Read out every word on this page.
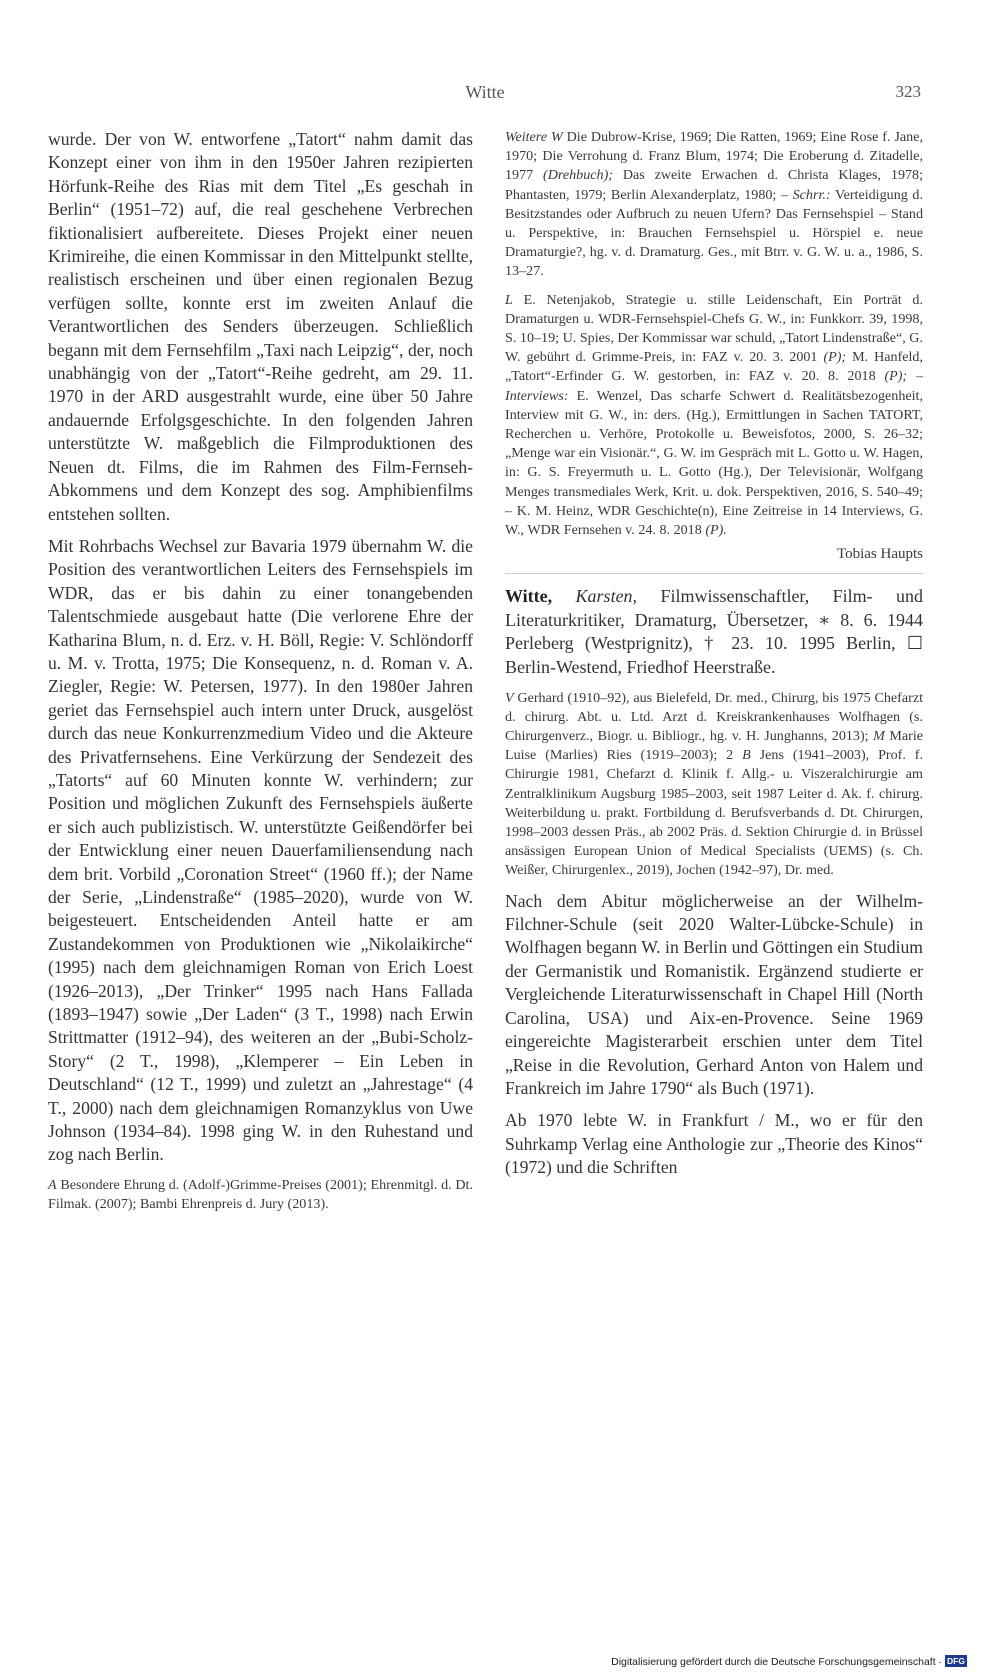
Witte	323

wurde. Der von W. entworfene „Tatort“ nahm damit das Konzept einer von ihm in den 1950er Jahren rezipierten Hörfunk-Reihe des Rias mit dem Titel „Es geschah in Berlin“ (1951–72) auf, die real geschehene Verbrechen fiktionalisiert aufbereitete. Dieses Projekt einer neuen Krimireihe, die einen Kommissar in den Mittelpunkt stellte, realistisch erscheinen und über einen regionalen Bezug verfügen sollte, konnte erst im zweiten Anlauf die Verantwortlichen des Senders überzeugen. Schließlich begann mit dem Fernsehfilm „Taxi nach Leipzig“, der, noch unabhängig von der „Tatort“-Reihe gedreht, am 29. 11. 1970 in der ARD ausgestrahlt wurde, eine über 50 Jahre andauernde Erfolgsgeschichte. In den folgenden Jahren unterstützte W. maßgeblich die Filmproduktionen des Neuen dt. Films, die im Rahmen des Film-Fernseh-Abkommens und dem Konzept des sog. Amphibienfilms entstehen sollten.

Mit Rohrbachs Wechsel zur Bavaria 1979 übernahm W. die Position des verantwortlichen Leiters des Fernsehspiels im WDR, das er bis dahin zu einer tonangebenden Talentschmiede ausgebaut hatte (Die verlorene Ehre der Katharina Blum, n. d. Erz. v. H. Böll, Regie: V. Schlöndorff u. M. v. Trotta, 1975; Die Konsequenz, n. d. Roman v. A. Ziegler, Regie: W. Petersen, 1977). In den 1980er Jahren geriet das Fernsehspiel auch intern unter Druck, ausgelöst durch das neue Konkurrenzmedium Video und die Akteure des Privatfernsehens. Eine Verkürzung der Sendezeit des „Tatorts“ auf 60 Minuten konnte W. verhindern; zur Position und möglichen Zukunft des Fernsehspiels äußerte er sich auch publizistisch. W. unterstützte Geißendörfer bei der Entwicklung einer neuen Dauerfamiliensendung nach dem brit. Vorbild „Coronation Street“ (1960 ff.); der Name der Serie, „Lindenstraße“ (1985–2020), wurde von W. beigesteuert. Entscheidenden Anteil hatte er am Zustandekommen von Produktionen wie „Nikolaikirche“ (1995) nach dem gleichnamigen Roman von Erich Loest (1926–2013), „Der Trinker“ 1995 nach Hans Fallada (1893–1947) sowie „Der Laden“ (3 T., 1998) nach Erwin Strittmatter (1912–94), des weiteren an der „Bubi-Scholz-Story“ (2 T., 1998), „Klemperer – Ein Leben in Deutschland“ (12 T., 1999) und zuletzt an „Jahrestage“ (4 T., 2000) nach dem gleichnamigen Romanzyklus von Uwe Johnson (1934–84). 1998 ging W. in den Ruhestand und zog nach Berlin.

A Besondere Ehrung d. (Adolf-)Grimme-Preises (2001); Ehrenmitgl. d. Dt. Filmak. (2007); Bambi Ehrenpreis d. Jury (2013).

Weitere W Die Dubrow-Krise, 1969; Die Ratten, 1969; Eine Rose f. Jane, 1970; Die Verrohung d. Franz Blum, 1974; Die Eroberung d. Zitadelle, 1977 (Drehbuch); Das zweite Erwachen d. Christa Klages, 1978; Phantasten, 1979; Berlin Alexanderplatz, 1980; – Schrr.: Verteidigung d. Besitzstandes oder Aufbruch zu neuen Ufern? Das Fernsehspiel – Stand u. Perspektive, in: Brauchen Fernsehspiel u. Hörspiel e. neue Dramaturgie?, hg. v. d. Dramaturg. Ges., mit Btrr. v. G. W. u. a., 1986, S. 13–27.

L E. Netenjakob, Strategie u. stille Leidenschaft, Ein Porträt d. Dramaturgen u. WDR-Fernsehspiel-Chefs G. W., in: Funkkorr. 39, 1998, S. 10–19; U. Spies, Der Kommissar war schuld, „Tatort Lindenstraße“, G. W. gebührt d. Grimme-Preis, in: FAZ v. 20. 3. 2001 (P); M. Hanfeld, „Tatort“-Erfinder G. W. gestorben, in: FAZ v. 20. 8. 2018 (P); – Interviews: E. Wenzel, Das scharfe Schwert d. Realitätsbezogenheit, Interview mit G. W., in: ders. (Hg.), Ermittlungen in Sachen TATORT, Recherchen u. Verhöre, Protokolle u. Beweisfotos, 2000, S. 26–32; „Menge war ein Visionär.“, G. W. im Gespräch mit L. Gotto u. W. Hagen, in: G. S. Freyermuth u. L. Gotto (Hg.), Der Televisionär, Wolfgang Menges transmediales Werk, Krit. u. dok. Perspektiven, 2016, S. 540–49; – K. M. Heinz, WDR Geschichte(n), Eine Zeitreise in 14 Interviews, G. W., WDR Fernsehen v. 24. 8. 2018 (P).

Tobias Haupts

Witte, Karsten, Filmwissenschaftler, Film- und Literaturkritiker, Dramaturg, Übersetzer, ∗ 8. 6. 1944 Perleberg (Westprignitz), † 23. 10. 1995 Berlin, ☐ Berlin-Westend, Friedhof Heerstraße.

V Gerhard (1910–92), aus Bielefeld, Dr. med., Chirurg, bis 1975 Chefarzt d. chirurg. Abt. u. Ltd. Arzt d. Kreiskrankenhauses Wolfhagen (s. Chirurgenverz., Biogr. u. Bibliogr., hg. v. H. Junghanns, 2013); M Marie Luise (Marlies) Ries (1919–2003); 2 B Jens (1941–2003), Prof. f. Chirurgie 1981, Chefarzt d. Klinik f. Allg.- u. Viszeralchirurgie am Zentralklinikum Augsburg 1985–2003, seit 1987 Leiter d. Ak. f. chirurg. Weiterbildung u. prakt. Fortbildung d. Berufsverbands d. Dt. Chirurgen, 1998–2003 dessen Präs., ab 2002 Präs. d. Sektion Chirurgie d. in Brüssel ansässigen European Union of Medical Specialists (UEMS) (s. Ch. Weißer, Chirurgenlex., 2019), Jochen (1942–97), Dr. med.

Nach dem Abitur möglicherweise an der Wilhelm-Filchner-Schule (seit 2020 Walter-Lübcke-Schule) in Wolfhagen begann W. in Berlin und Göttingen ein Studium der Germanistik und Romanistik. Ergänzend studierte er Vergleichende Literaturwissenschaft in Chapel Hill (North Carolina, USA) und Aix-en-Provence. Seine 1969 eingereichte Magisterarbeit erschien unter dem Titel „Reise in die Revolution, Gerhard Anton von Halem und Frankreich im Jahre 1790“ als Buch (1971).

Ab 1970 lebte W. in Frankfurt / M., wo er für den Suhrkamp Verlag eine Anthologie zur „Theorie des Kinos“ (1972) und die Schriften

Digitalisierung gefördert durch die Deutsche Forschungsgemeinschaft · DFG
